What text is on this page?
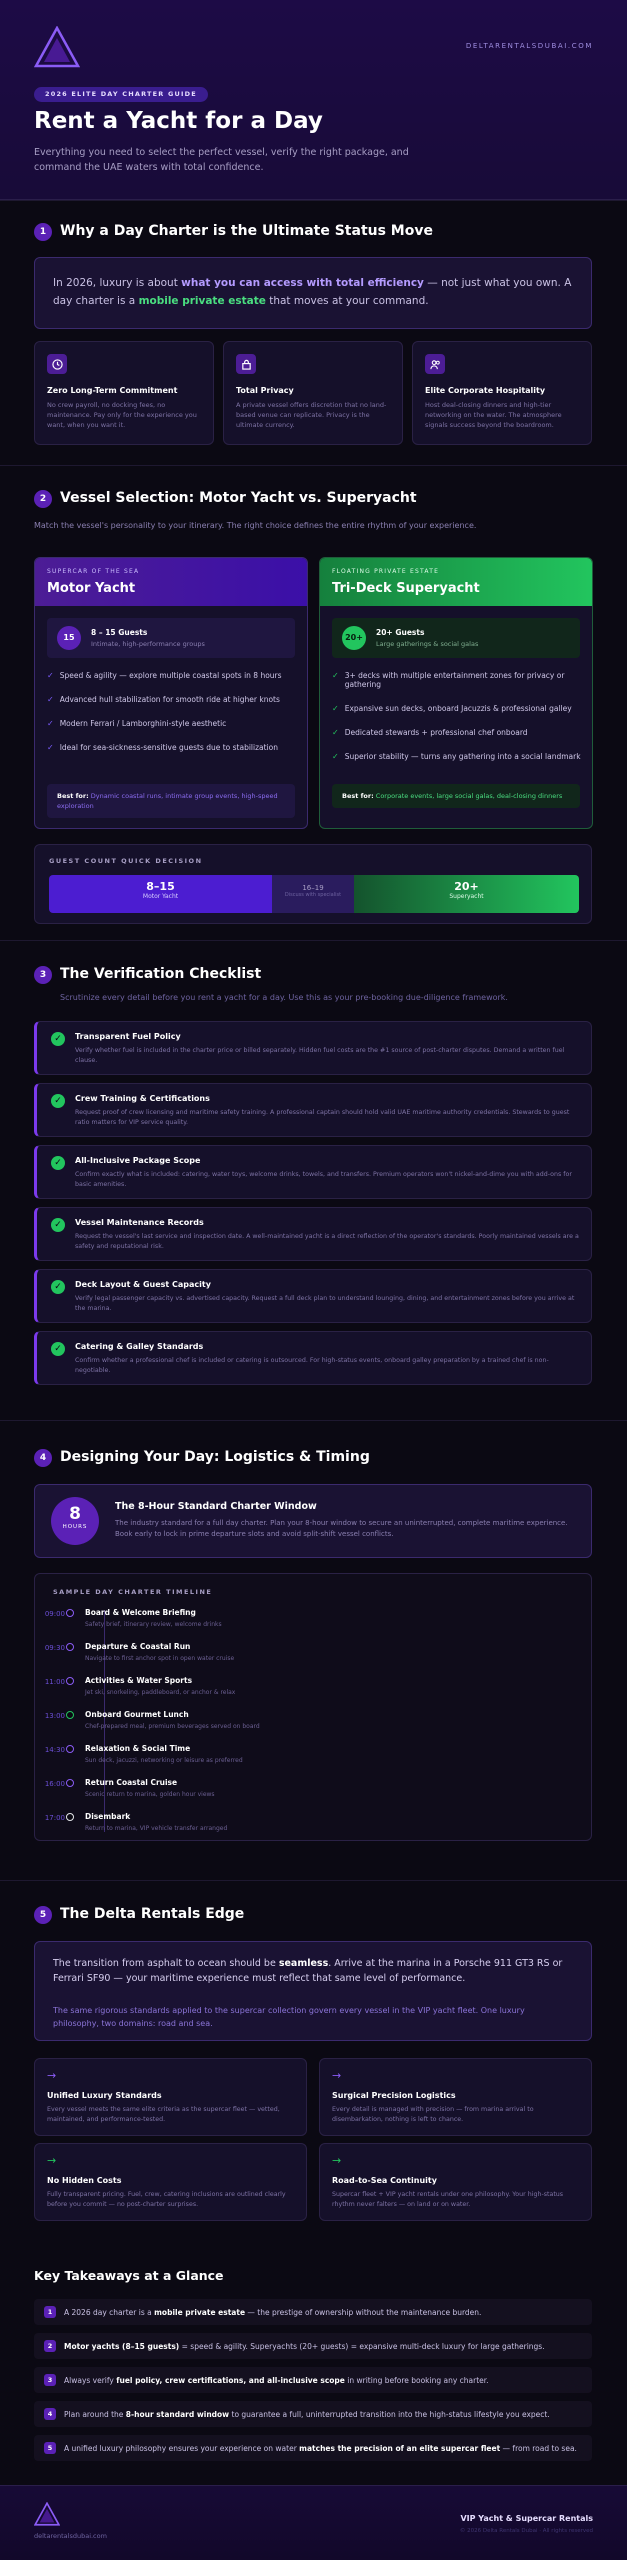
DELTARENTALSDUBAI.COM
2026 ELITE DAY CHARTER GUIDE
Rent a Yacht for a Day
Everything you need to select the perfect vessel, verify the right package, and command the UAE waters with total confidence.
1 Why a Day Charter is the Ultimate Status Move
In 2026, luxury is about what you can access with total efficiency — not just what you own. A day charter is a mobile private estate that moves at your command.
Zero Long-Term Commitment
No crew payroll, no docking fees, no maintenance. Pay only for the experience you want, when you want it.
Total Privacy
A private vessel offers discretion that no land-based venue can replicate. Privacy is the ultimate currency.
Elite Corporate Hospitality
Host deal-closing dinners and high-tier networking on the water. The atmosphere signals success beyond the boardroom.
2 Vessel Selection: Motor Yacht vs. Superyacht
Match the vessel's personality to your itinerary. The right choice defines the entire rhythm of your experience.
SUPERCAR OF THE SEA
Motor Yacht
15
8 – 15 Guests
Intimate, high-performance groups
✓ Speed & agility — explore multiple coastal spots in 8 hours
✓ Advanced hull stabilization for smooth ride at higher knots
✓ Modern Ferrari / Lamborghini-style aesthetic
✓ Ideal for sea-sickness-sensitive guests due to stabilization
Best for: Dynamic coastal runs, intimate group events, high-speed exploration
FLOATING PRIVATE ESTATE
Tri-Deck Superyacht
20+
20+ Guests
Large gatherings & social galas
✓ 3+ decks with multiple entertainment zones for privacy or gathering
✓ Expansive sun decks, onboard Jacuzzis & professional galley
✓ Dedicated stewards + professional chef onboard
✓ Superior stability — turns any gathering into a social landmark
Best for: Corporate events, large social galas, deal-closing dinners
GUEST COUNT QUICK DECISION
8–15
Motor Yacht
16–19
Discuss with specialist
20+
Superyacht
3 The Verification Checklist
Scrutinize every detail before you rent a yacht for a day. Use this as your pre-booking due-diligence framework.
✓	Transparent Fuel Policy
Verify whether fuel is included in the charter price or billed separately. Hidden fuel costs are the #1 source of post-charter disputes. Demand a written fuel clause.
✓	Crew Training & Certifications
Request proof of crew licensing and maritime safety training. A professional captain should hold valid UAE maritime authority credentials. Stewards to guest ratio matters for VIP service quality.
✓	All-Inclusive Package Scope
Confirm exactly what is included: catering, water toys, welcome drinks, towels, and transfers. Premium operators won't nickel-and-dime you with add-ons for basic amenities.
✓	Vessel Maintenance Records
Request the vessel's last service and inspection date. A well-maintained yacht is a direct reflection of the operator's standards. Poorly maintained vessels are a safety and reputational risk.
✓	Deck Layout & Guest Capacity
Verify legal passenger capacity vs. advertised capacity. Request a full deck plan to understand lounging, dining, and entertainment zones before you arrive at the marina.
✓	Catering & Galley Standards
Confirm whether a professional chef is included or catering is outsourced. For high-status events, onboard galley preparation by a trained chef is non-negotiable.
4 Designing Your Day: Logistics & Timing
8
HOURS
The 8-Hour Standard Charter Window
The industry standard for a full day charter. Plan your 8-hour window to secure an uninterrupted, complete maritime experience. Book early to lock in prime departure slots and avoid split-shift vessel conflicts.
SAMPLE DAY CHARTER TIMELINE
09:00	Board & Welcome Briefing
Safety brief, itinerary review, welcome drinks
09:30	Departure & Coastal Run
Navigate to first anchor spot in open water cruise
11:00	Activities & Water Sports
Jet ski, snorkeling, paddleboard, or anchor & relax
13:00	Onboard Gourmet Lunch
Chef-prepared meal, premium beverages served on board
14:30	Relaxation & Social Time
Sun deck, jacuzzi, networking or leisure as preferred
16:00	Return Coastal Cruise
Scenic return to marina, golden hour views
17:00	Disembark
Return to marina, VIP vehicle transfer arranged
5 The Delta Rentals Edge
The transition from asphalt to ocean should be seamless. Arrive at the marina in a Porsche 911 GT3 RS or Ferrari SF90 — your maritime experience must reflect that same level of performance.
The same rigorous standards applied to the supercar collection govern every vessel in the VIP yacht fleet. One luxury philosophy, two domains: road and sea.
→
Unified Luxury Standards
Every vessel meets the same elite criteria as the supercar fleet — vetted, maintained, and performance-tested.
→
Surgical Precision Logistics
Every detail is managed with precision — from marina arrival to disembarkation, nothing is left to chance.
→
No Hidden Costs
Fully transparent pricing. Fuel, crew, catering inclusions are outlined clearly before you commit — no post-charter surprises.
→
Road-to-Sea Continuity
Supercar fleet + VIP yacht rentals under one philosophy. Your high-status rhythm never falters — on land or on water.
Key Takeaways at a Glance
1	A 2026 day charter is a mobile private estate — the prestige of ownership without the maintenance burden.
2	Motor yachts (8–15 guests) = speed & agility. Superyachts (20+ guests) = expansive multi-deck luxury for large gatherings.
3	Always verify fuel policy, crew certifications, and all-inclusive scope in writing before booking any charter.
4	Plan around the 8-hour standard window to guarantee a full, uninterrupted transition into the high-status lifestyle you expect.
5	A unified luxury philosophy ensures your experience on water matches the precision of an elite supercar fleet — from road to sea.
deltarentalsdubai.com
VIP Yacht & Supercar Rentals
© 2026 Delta Rentals Dubai · All rights reserved
